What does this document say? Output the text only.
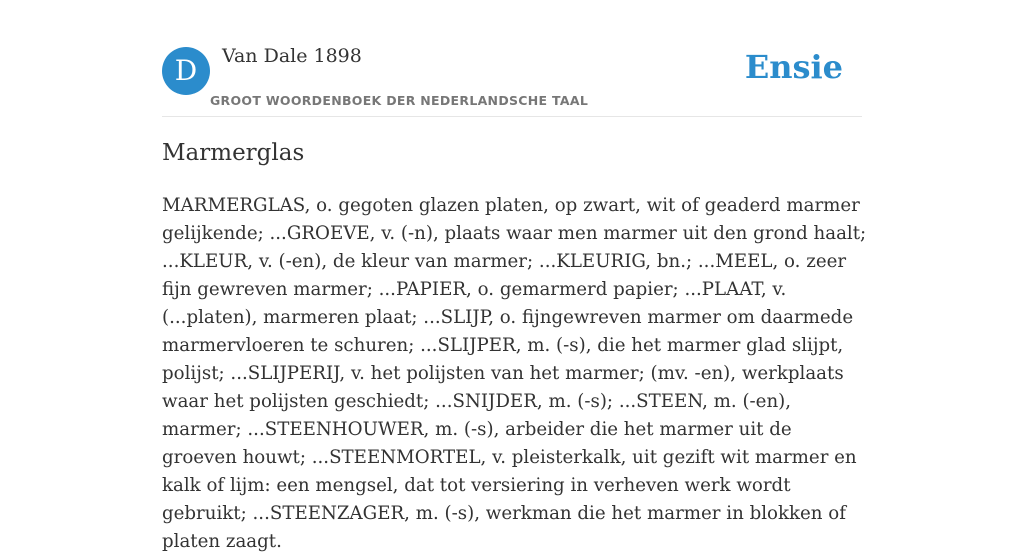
D	Van Dale 1898
GROOT WOORDENBOEK DER NEDERLANDSCHE TAAL
Ensie
Marmerglas

MARMERGLAS, o. gegoten glazen platen, op zwart, wit of geaderd marmer gelijkende; ...GROEVE, v. (-n), plaats waar men marmer uit den grond haalt; ...KLEUR, v. (-en), de kleur van marmer; ...KLEURIG, bn.; ...MEEL, o. zeer fijn gewreven marmer; ...PAPIER, o. gemarmerd papier; ...PLAAT, v. (...platen), marmeren plaat; ...SLIJP, o. fijngewreven marmer om daarmede marmervloeren te schuren; ...SLIJPER, m. (-s), die het marmer glad slijpt, polijst; ...SLIJPERIJ, v. het polijsten van het marmer; (mv. -en), werkplaats waar het polijsten geschiedt; ...SNIJDER, m. (-s); ...STEEN, m. (-en), marmer; ...STEENHOUWER, m. (-s), arbeider die het marmer uit de groeven houwt; ...STEENMORTEL, v. pleisterkalk, uit gezift wit marmer en kalk of lijm: een mengsel, dat tot versiering in verheven werk wordt gebruikt; ...STEENZAGER, m. (-s), werkman die het marmer in blokken of platen zaagt.
